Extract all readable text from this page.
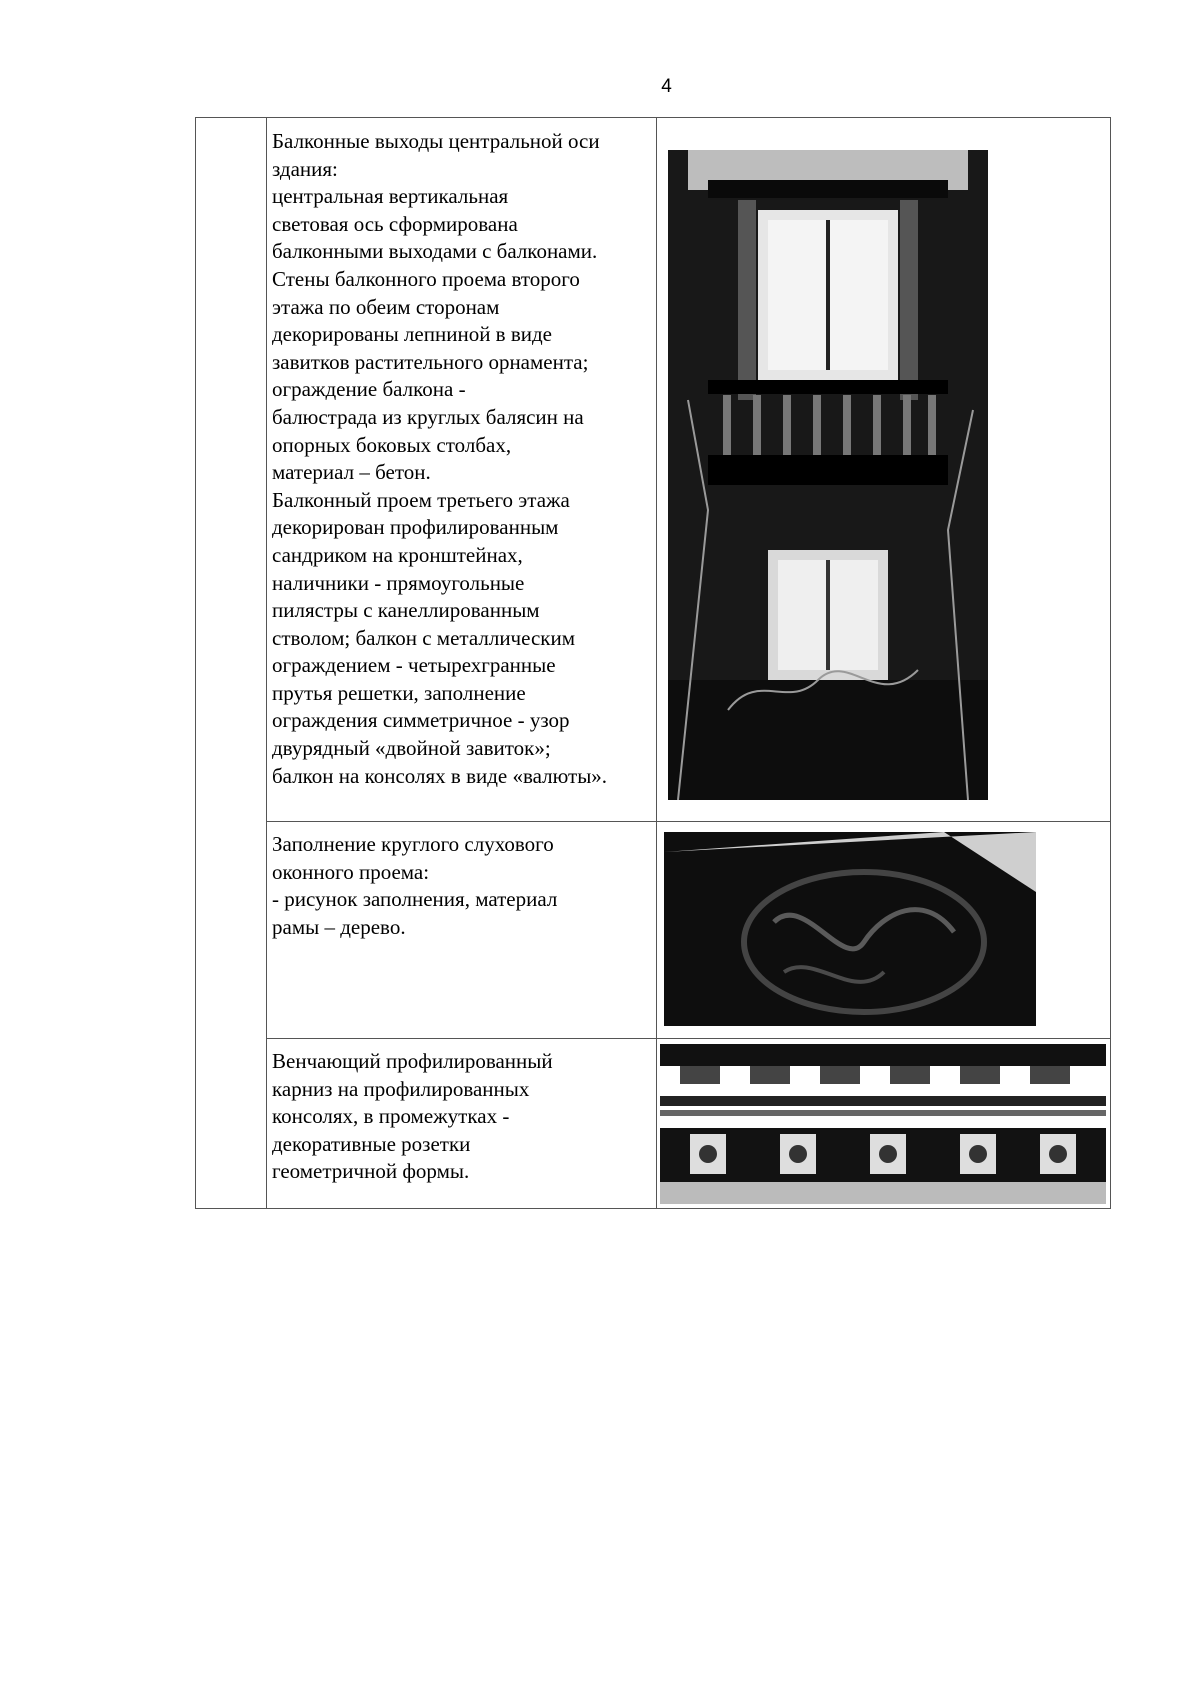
4
Балконные выходы центральной оси
здания:
центральная вертикальная
световая ось сформирована
балконными выходами с балконами.
Стены балконного проема второго
этажа по обеим сторонам
декорированы лепниной в виде
завитков растительного орнамента;
ограждение балкона -
балюстрада из круглых балясин на
опорных боковых столбах,
материал – бетон.
Балконный проем третьего этажа
декорирован профилированным
сандриком на кронштейнах,
наличники - прямоугольные
пилястры с канеллированным
стволом; балкон с металлическим
ограждением - четырехгранные
прутья решетки, заполнение
ограждения симметричное - узор
двурядный «двойной завиток»;
балкон на консолях в виде «валюты».
Заполнение круглого слухового
оконного проема:
- рисунок заполнения, материал
рамы – дерево.
Венчающий профилированный
карниз на профилированных
консолях, в промежутках -
декоративные розетки
геометричной формы.
